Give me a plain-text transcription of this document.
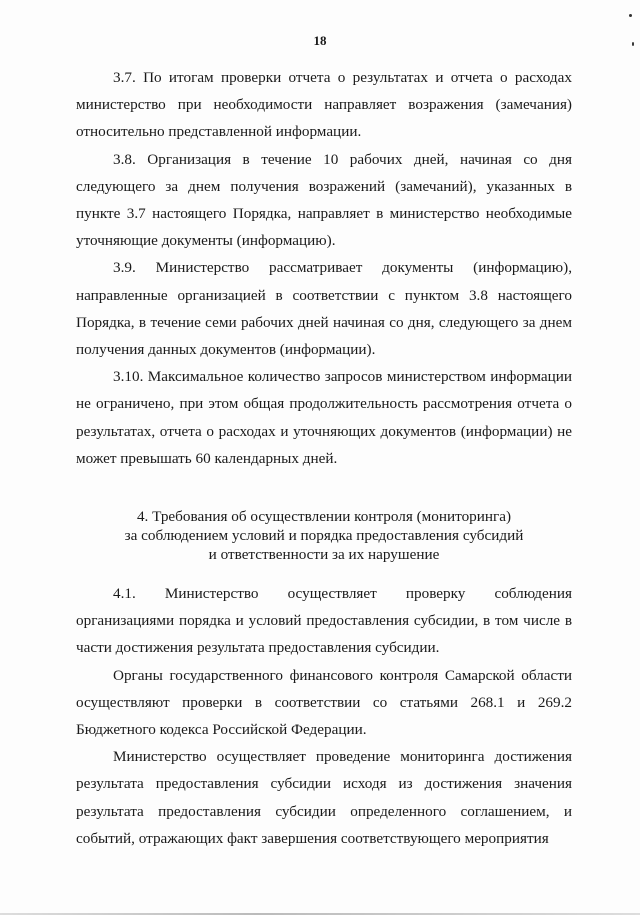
18

3.7. По итогам проверки отчета о результатах и отчета о расходах министерство при необходимости направляет возражения (замечания) относительно представленной информации.

3.8. Организация в течение 10 рабочих дней, начиная со дня следующего за днем получения возражений (замечаний), указанных в пункте 3.7 настоящего Порядка, направляет в министерство необходимые уточняющие документы (информацию).

3.9. Министерство рассматривает документы (информацию), направленные организацией в соответствии с пунктом 3.8 настоящего Порядка, в течение семи рабочих дней начиная со дня, следующего за днем получения данных документов (информации).

3.10. Максимальное количество запросов министерством информации не ограничено, при этом общая продолжительность рассмотрения отчета о результатах, отчета о расходах и уточняющих документов (информации) не может превышать 60 календарных дней.

4. Требования об осуществлении контроля (мониторинга)
за соблюдением условий и порядка предоставления субсидий
и ответственности за их нарушение

4.1. Министерство осуществляет проверку соблюдения организациями порядка и условий предоставления субсидии, в том числе в части достижения результата предоставления субсидии.

Органы государственного финансового контроля Самарской области осуществляют проверки в соответствии со статьями 268.1 и 269.2 Бюджетного кодекса Российской Федерации.

Министерство осуществляет проведение мониторинга достижения результата предоставления субсидии исходя из достижения значения результата предоставления субсидии определенного соглашением, и событий, отражающих факт завершения соответствующего мероприятия
